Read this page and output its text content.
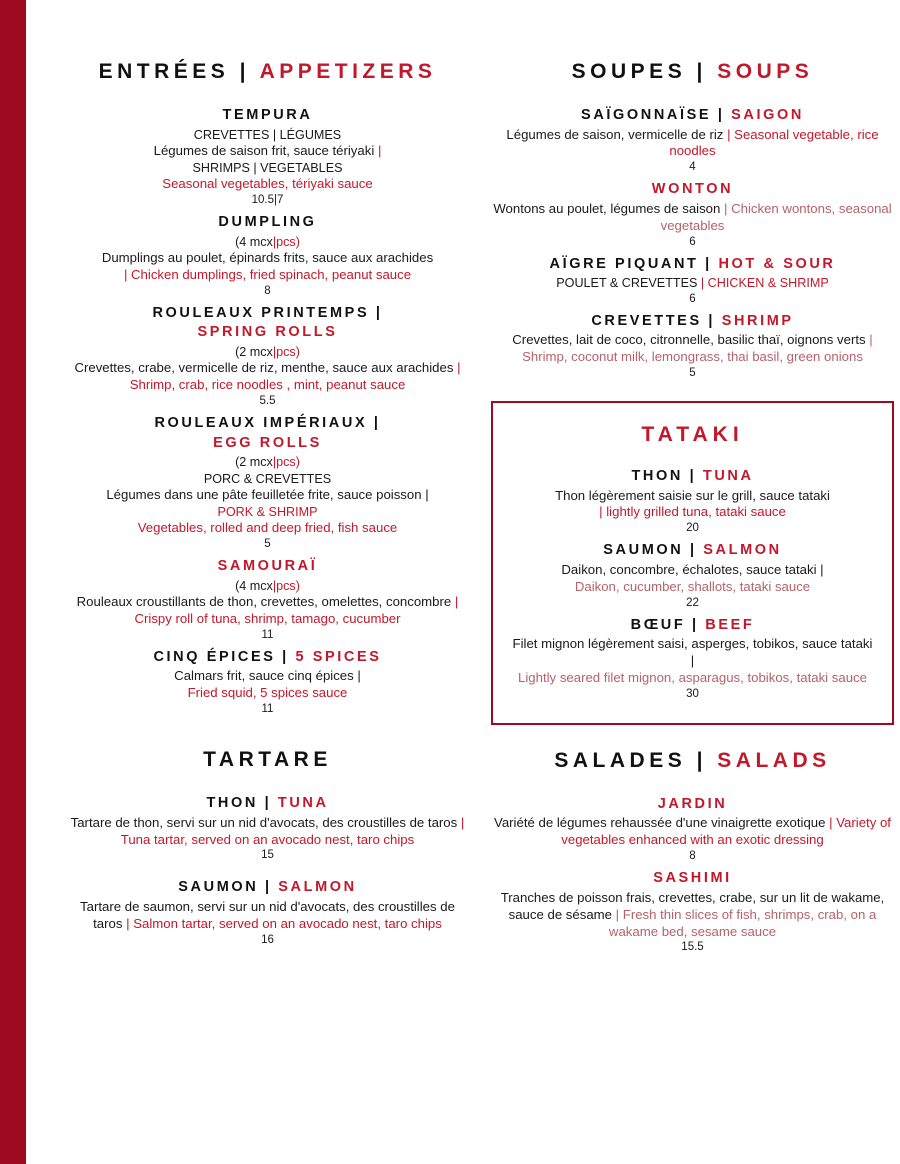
ENTRÉES | APPETIZERS
TEMPURA
CREVETTES | LÉGUMES
Légumes de saison frit, sauce tériyaki |
SHRIMPS | VEGETABLES
Seasonal vegetables, tériyaki sauce
10.5|7
DUMPLING
(4 mcx|pcs)
Dumplings au poulet, épinards frits, sauce aux arachides
| Chicken dumplings, fried spinach, peanut sauce
8
ROULEAUX PRINTEMPS |
SPRING ROLLS
(2 mcx|pcs)
Crevettes, crabe, vermicelle de riz, menthe, sauce aux arachides | Shrimp, crab, rice noodles , mint, peanut sauce
5.5
ROULEAUX IMPÉRIAUX |
EGG ROLLS
(2 mcx|pcs)
PORC & CREVETTES
Légumes dans une pâte feuilletée frite, sauce poisson |
PORK & SHRIMP
Vegetables, rolled and deep fried, fish sauce
5
SAMOURAÏ
(4 mcx|pcs)
Rouleaux croustillants de thon, crevettes, omelettes, concombre | Crispy roll of tuna, shrimp, tamago, cucumber
11
CINQ ÉPICES | 5 SPICES
Calmars frit, sauce cinq épices |
Fried squid, 5 spices sauce
11
TARTARE
THON | TUNA
Tartare de thon, servi sur un nid d'avocats, des croustilles de taros | Tuna tartar, served on an avocado nest, taro chips
15
SAUMON | SALMON
Tartare de saumon, servi sur un nid d'avocats, des croustilles de taros | Salmon tartar, served on an avocado nest, taro chips
16
SOUPES | SOUPS
SAÏGONNAÏSE | SAIGON
Légumes de saison, vermicelle de riz | Seasonal vegetable, rice noodles
4
WONTON
Wontons au poulet, légumes de saison | Chicken wontons, seasonal vegetables
6
AÏGRE PIQUANT | HOT & SOUR
POULET & CREVETTES | CHICKEN & SHRIMP
6
CREVETTES | SHRIMP
Crevettes, lait de coco, citronnelle, basilic thaï, oignons verts | Shrimp, coconut milk, lemongrass, thai basil, green onions
5
TATAKI
THON | TUNA
Thon légèrement saisie sur le grill, sauce tataki
| lightly grilled tuna, tataki sauce
20
SAUMON | SALMON
Daikon, concombre, échalotes, sauce tataki |
Daikon, cucumber, shallots, tataki sauce
22
BŒUF | BEEF
Filet mignon légèrement saisi, asperges, tobikos, sauce tataki |
Lightly seared filet mignon, asparagus, tobikos, tataki sauce
30
SALADES | SALADS
JARDIN
Variété de légumes rehaussée d'une vinaigrette exotique | Variety of vegetables enhanced with an exotic dressing
8
SASHIMI
Tranches de poisson frais, crevettes, crabe, sur un lit de wakame, sauce de sésame | Fresh thin slices of fish, shrimps, crab, on a wakame bed, sesame sauce
15.5
